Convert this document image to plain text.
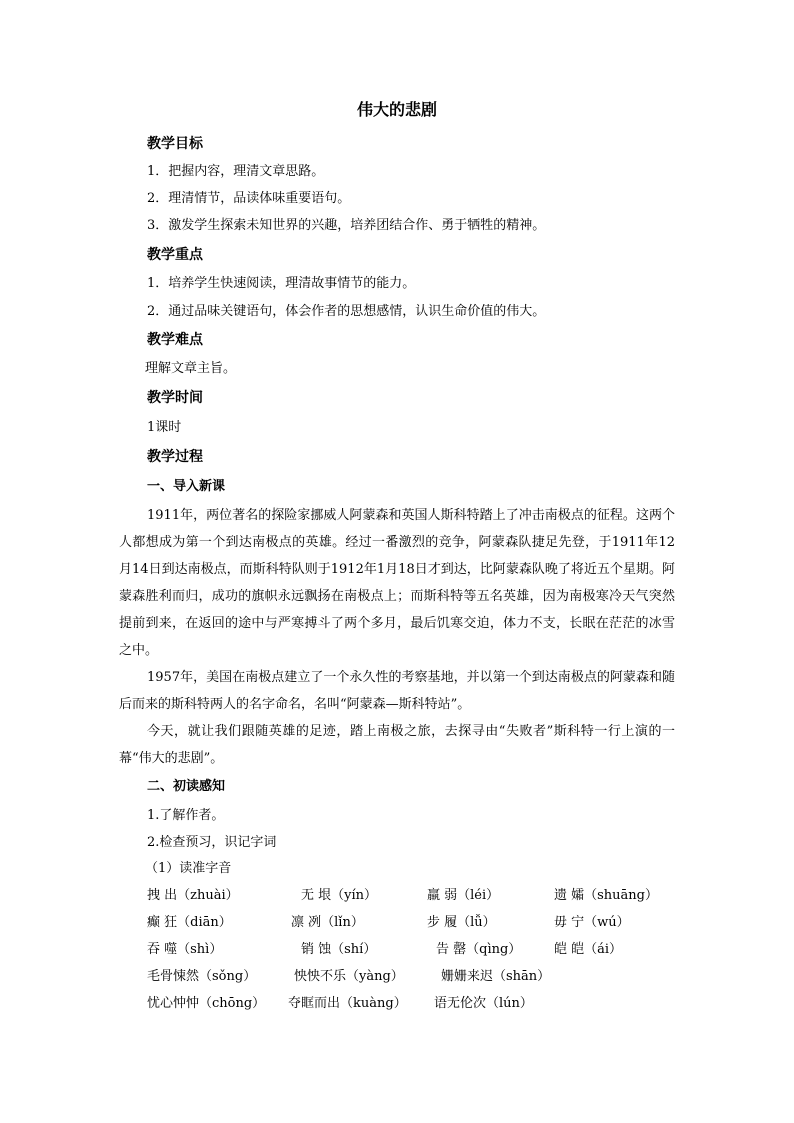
伟大的悲剧
教学目标
1．把握内容，理清文章思路。
2．理清情节，品读体味重要语句。
3．激发学生探索未知世界的兴趣，培养团结合作、勇于牺牲的精神。
教学重点
1．培养学生快速阅读，理清故事情节的能力。
2．通过品味关键语句，体会作者的思想感情，认识生命价值的伟大。
教学难点
理解文章主旨。
教学时间
1课时
教学过程
一、导入新课

1911年，两位著名的探险家挪威人阿蒙森和英国人斯科特踏上了冲击南极点的征程。这两个人都想成为第一个到达南极点的英雄。经过一番激烈的竞争，阿蒙森队捷足先登，于1911年12月14日到达南极点，而斯科特队则于1912年1月18日才到达，比阿蒙森队晚了将近五个星期。阿蒙森胜利而归，成功的旗帜永远飘扬在南极点上；而斯科特等五名英雄，因为南极寒冷天气突然提前到来，在返回的途中与严寒搏斗了两个多月，最后饥寒交迫，体力不支，长眠在茫茫的冰雪之中。

1957年，美国在南极点建立了一个永久性的考察基地，并以第一个到达南极点的阿蒙森和随后而来的斯科特两人的名字命名，名叫“阿蒙森—斯科特站”。

今天，就让我们跟随英雄的足迹，踏上南极之旅，去探寻由“失败者”斯科特一行上演的一幕“伟大的悲剧”。

二、初读感知
1.了解作者。
2.检查预习，识记字词
（1）读准字音
拽 出（zhuài）	无 垠（yín）	羸 弱（léi）	遗 孀（shuāng）
癫 狂（diān）	凛 冽（lǐn）	步 履（lǚ）	毋 宁（wú）
吞 噬（shì）	销 蚀（shí）	告 罄（qìng）	皑 皑（ái）
毛骨悚然（sǒng）	怏怏不乐（yàng）	姗姗来迟（shān）
忧心忡忡（chōng） 夺眶而出（kuàng） 语无伦次（lún）
